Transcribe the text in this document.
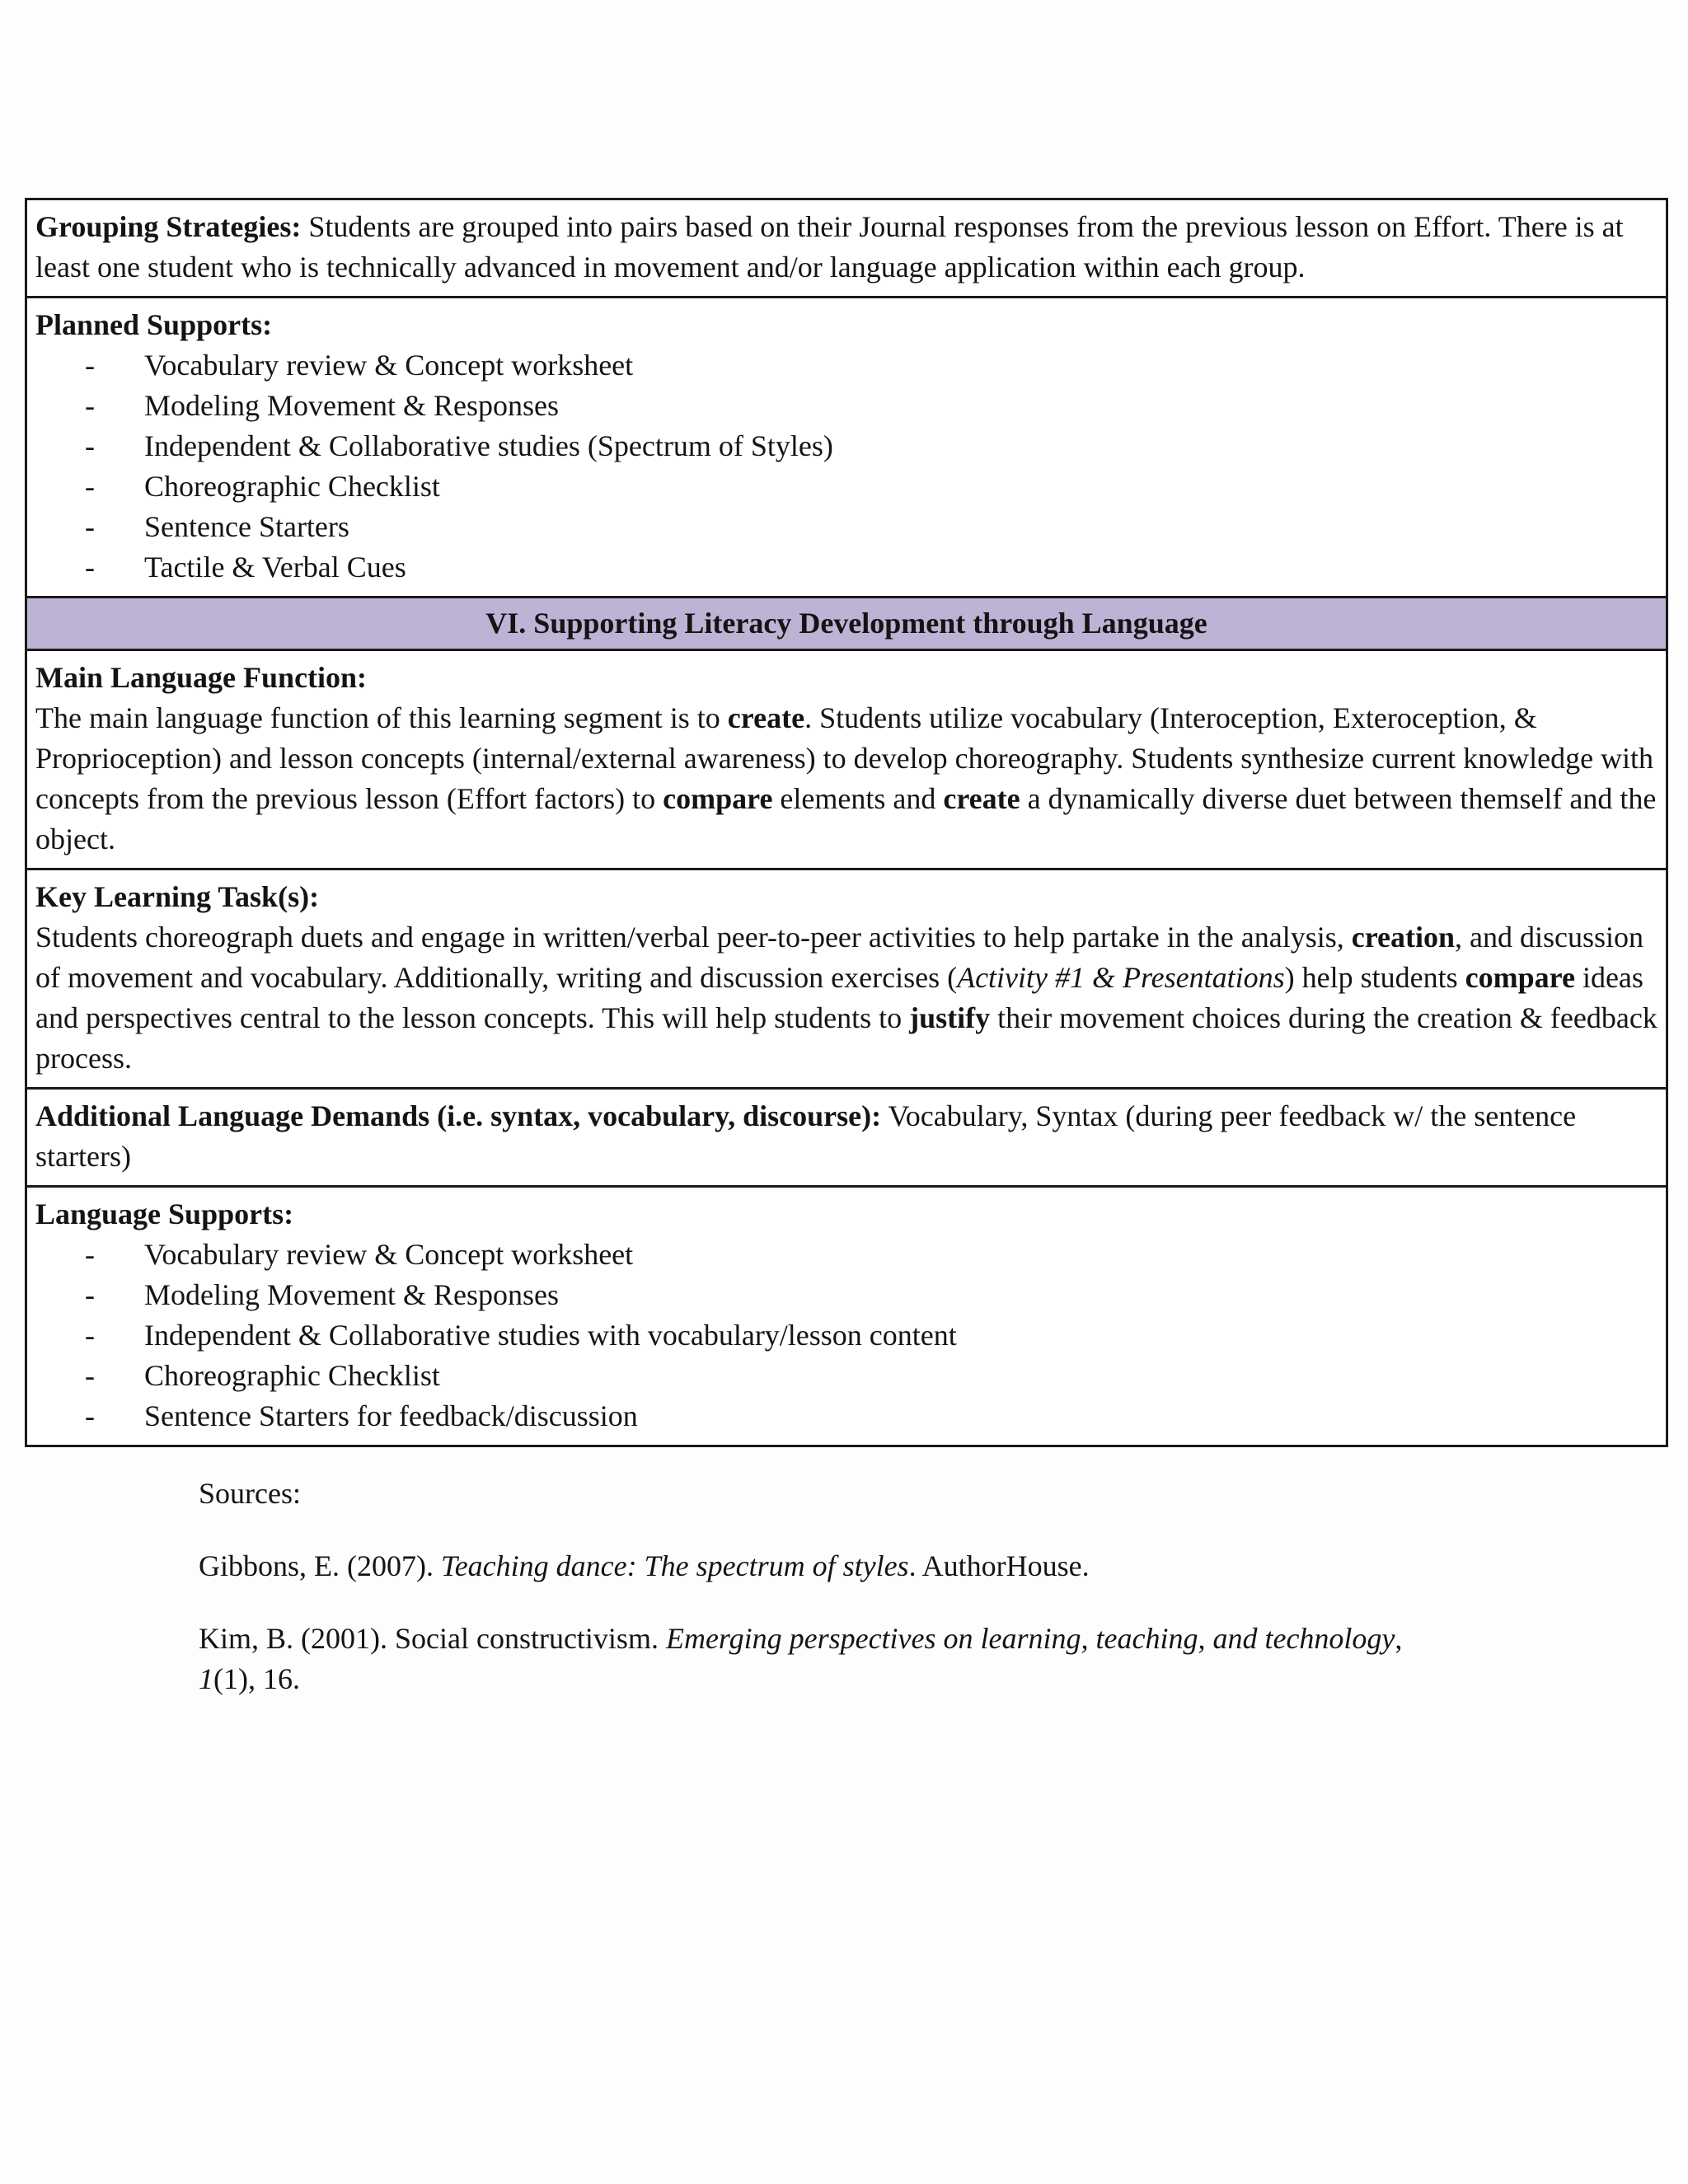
Grouping Strategies: Students are grouped into pairs based on their Journal responses from the previous lesson on Effort. There is at least one student who is technically advanced in movement and/or language application within each group.
Planned Supports:
- Vocabulary review & Concept worksheet
- Modeling Movement & Responses
- Independent & Collaborative studies (Spectrum of Styles)
- Choreographic Checklist
- Sentence Starters
- Tactile & Verbal Cues
VI. Supporting Literacy Development through Language
Main Language Function:
The main language function of this learning segment is to create. Students utilize vocabulary (Interoception, Exteroception, & Proprioception) and lesson concepts (internal/external awareness) to develop choreography. Students synthesize current knowledge with concepts from the previous lesson (Effort factors) to compare elements and create a dynamically diverse duet between themself and the object.
Key Learning Task(s):
Students choreograph duets and engage in written/verbal peer-to-peer activities to help partake in the analysis, creation, and discussion of movement and vocabulary. Additionally, writing and discussion exercises (Activity #1 & Presentations) help students compare ideas and perspectives central to the lesson concepts. This will help students to justify their movement choices during the creation & feedback process.
Additional Language Demands (i.e. syntax, vocabulary, discourse): Vocabulary, Syntax (during peer feedback w/ the sentence starters)
Language Supports:
- Vocabulary review & Concept worksheet
- Modeling Movement & Responses
- Independent & Collaborative studies with vocabulary/lesson content
- Choreographic Checklist
- Sentence Starters for feedback/discussion

Sources:

Gibbons, E. (2007). Teaching dance: The spectrum of styles. AuthorHouse.

Kim, B. (2001). Social constructivism. Emerging perspectives on learning, teaching, and technology,
1(1), 16.
